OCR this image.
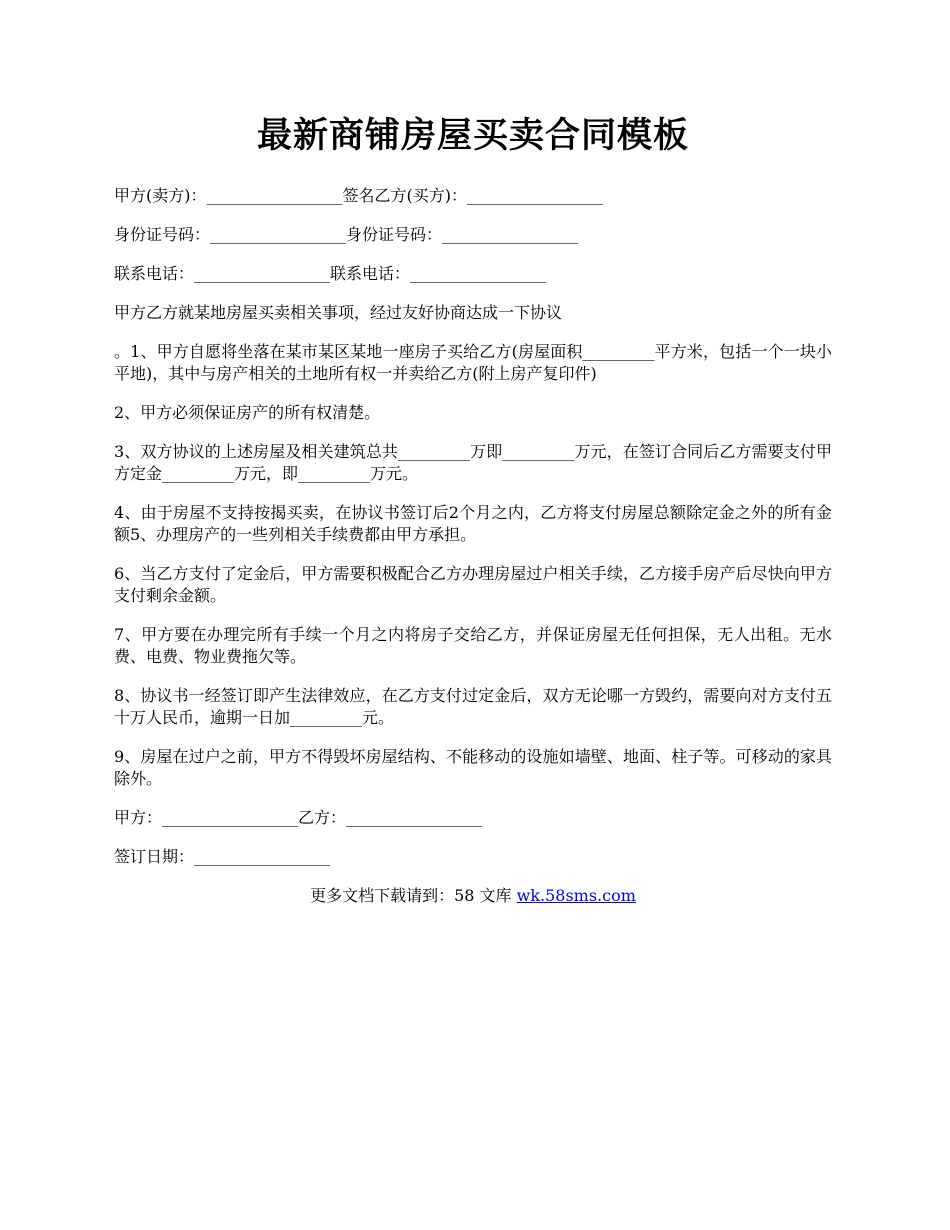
最新商铺房屋买卖合同模板

甲方(卖方)：_________________签名乙方(买方)：_________________

身份证号码：_________________身份证号码：_________________

联系电话：_________________联系电话：_________________

甲方乙方就某地房屋买卖相关事项，经过友好协商达成一下协议

。1、甲方自愿将坐落在某市某区某地一座房子买给乙方(房屋面积_________平方米，包括一个一块小平地)，其中与房产相关的土地所有权一并卖给乙方(附上房产复印件)

2、甲方必须保证房产的所有权清楚。

3、双方协议的上述房屋及相关建筑总共_________万即_________万元，在签订合同后乙方需要支付甲方定金_________万元，即_________万元。

4、由于房屋不支持按揭买卖，在协议书签订后2个月之内，乙方将支付房屋总额除定金之外的所有金额5、办理房产的一些列相关手续费都由甲方承担。

6、当乙方支付了定金后，甲方需要积极配合乙方办理房屋过户相关手续，乙方接手房产后尽快向甲方支付剩余金额。

7、甲方要在办理完所有手续一个月之内将房子交给乙方，并保证房屋无任何担保，无人出租。无水费、电费、物业费拖欠等。

8、协议书一经签订即产生法律效应，在乙方支付过定金后，双方无论哪一方毁约，需要向对方支付五十万人民币，逾期一日加_________元。

9、房屋在过户之前，甲方不得毁坏房屋结构、不能移动的设施如墙壁、地面、柱子等。可移动的家具除外。

甲方：_________________乙方：_________________

签订日期：_________________

更多文档下载请到：58 文库 wk.58sms.com
